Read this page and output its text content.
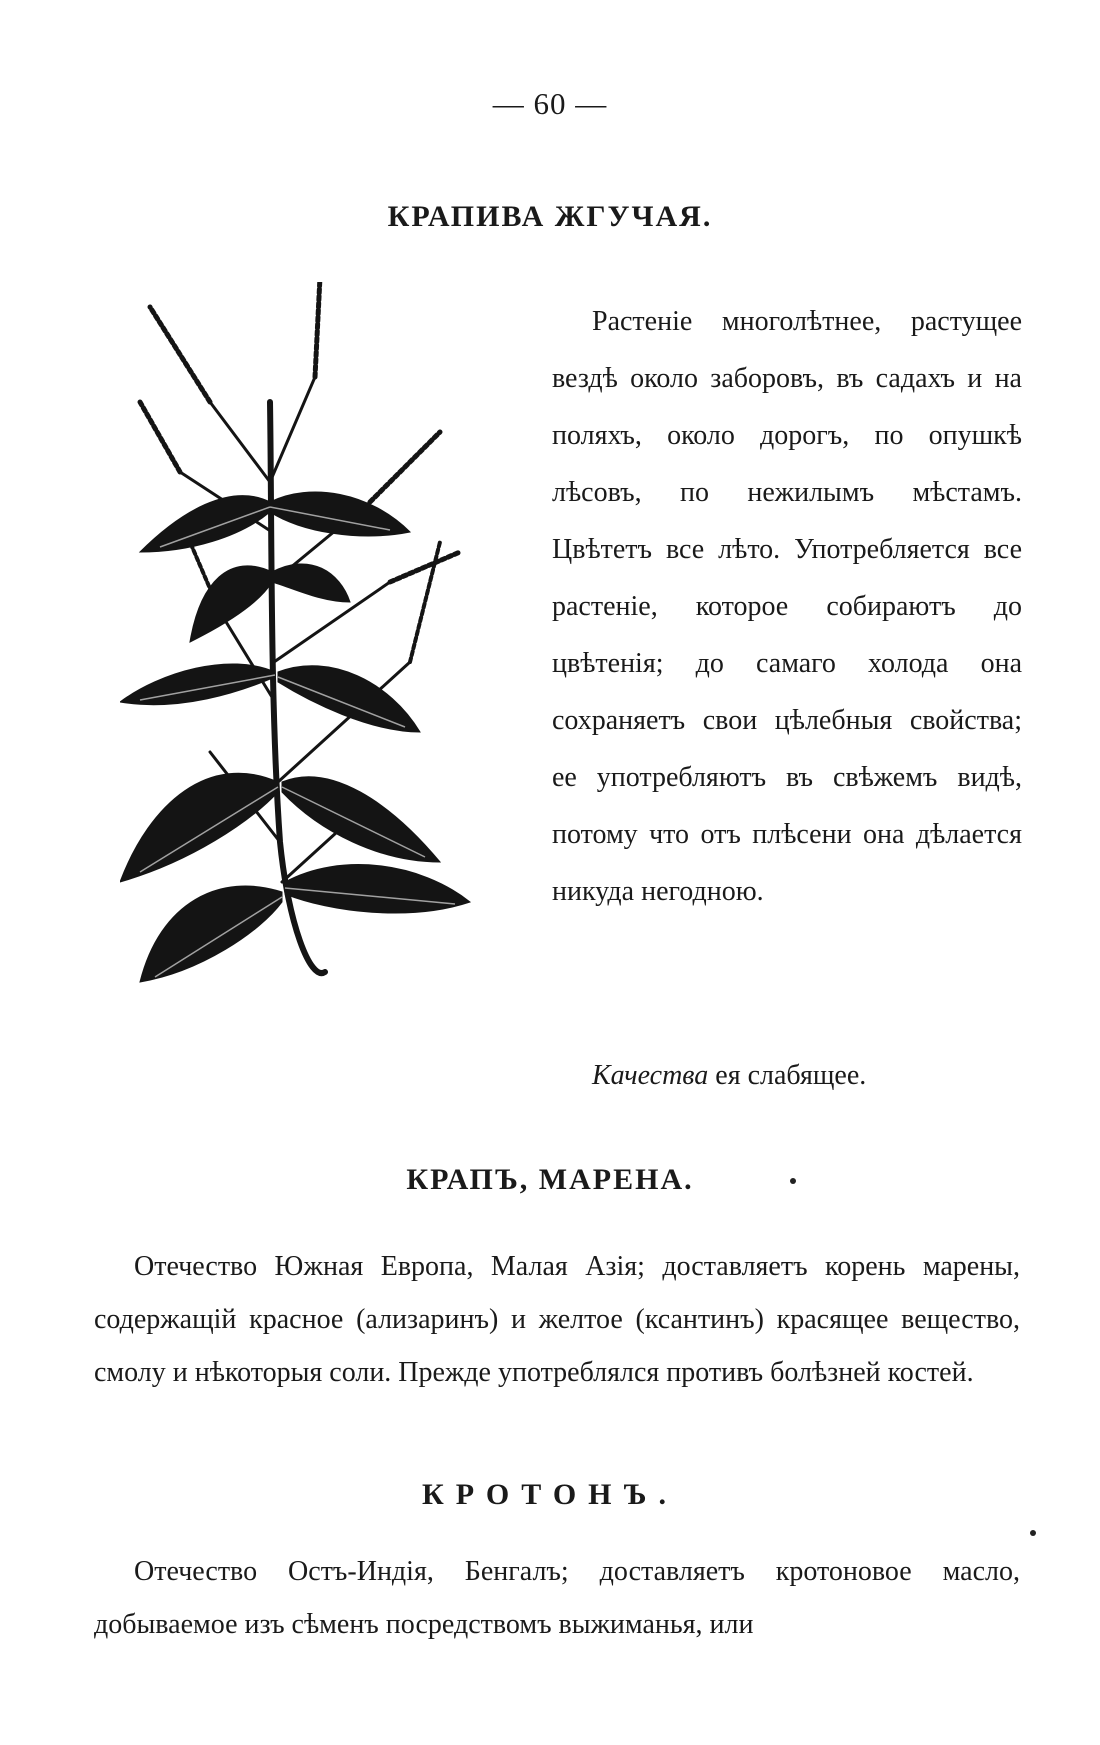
— 60 —
КРАПИВА ЖГУЧАЯ.

Растеніе многолѣтнее, растущее вездѣ около заборовъ, въ садахъ и на поляхъ, около дорогъ, по опушкѣ лѣсовъ, по нежилымъ мѣстамъ. Цвѣтетъ все лѣто. Употребляется все растеніе, которое собираютъ до цвѣтенія; до самаго холода она сохраняетъ свои цѣлебныя свойства; ее употребляютъ въ свѣжемъ видѣ, потому что отъ плѣсени она дѣлается никуда негодною.

Качества ея слабящее.
КРАПЪ, МАРЕНА.

Отечество Южная Европа, Малая Азія; доставляетъ корень марены, содержащій красное (ализаринъ) и желтое (ксантинъ) красящее вещество, смолу и нѣкоторыя соли. Прежде употреблялся противъ болѣзней костей.

КРОТОНЪ.

Отечество Остъ-Индія, Бенгалъ; доставляетъ кротоновое масло, добываемое изъ сѣменъ посредствомъ выжиманья, или
